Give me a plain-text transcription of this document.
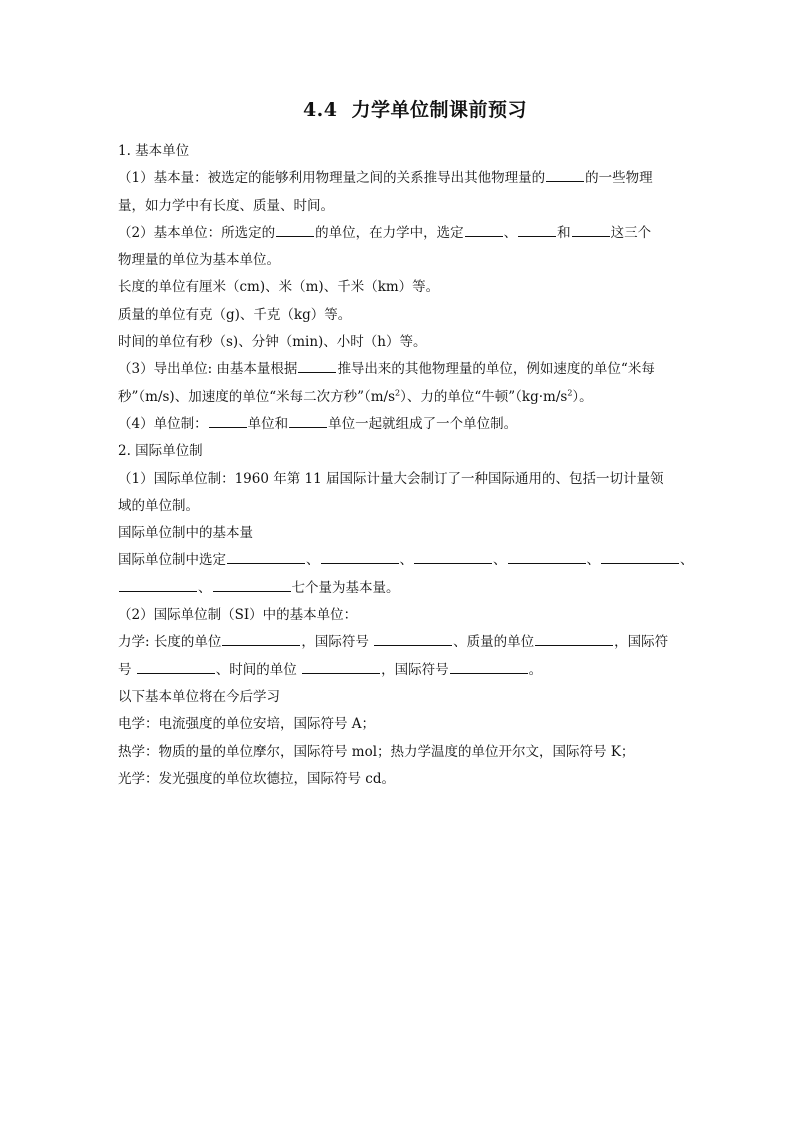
4.4 力学单位制课前预习
1. 基本单位
（1）基本量：被选定的能够利用物理量之间的关系推导出其他物理量的	的一些物理
量，如力学中有长度、质量、时间。
（2）基本单位：所选定的	的单位，在力学中，选定	、	和	这三个
物理量的单位为基本单位。
长度的单位有厘米（cm)、米（m)、千米（km）等。
质量的单位有克（g)、千克（kg）等。
时间的单位有秒（s)、分钟（min)、小时（h）等。
（3）导出单位: 由基本量根据	推导出来的其他物理量的单位，例如速度的单位“米每
秒”（m/s)、加速度的单位“米每二次方秒$”(m/s^2)$、力的单位“牛顿$”(kg\cdot m/s^2)$。
（4）单位制：	单位和	单位一起就组成了一个单位制。
2. 国际单位制
（1）国际单位制：1960 年第 11 届国际计量大会制订了一种国际通用的、包括一切计量领
域的单位制。
国际单位制中的基本量
国际单位制中选定	、	、	、	、	、
、	七个量为基本量。
（2）国际单位制（SI）中的基本单位：
力学: 长度的单位	，国际符号	、质量的单位	，国际符
号	、时间的单位	，国际符号	。
以下基本单位将在今后学习
电学：电流强度的单位安培，国际符号 A；
热学：物质的量的单位摩尔，国际符号 mol；热力学温度的单位开尔文，国际符号 K；
光学：发光强度的单位坎德拉，国际符号 cd。
